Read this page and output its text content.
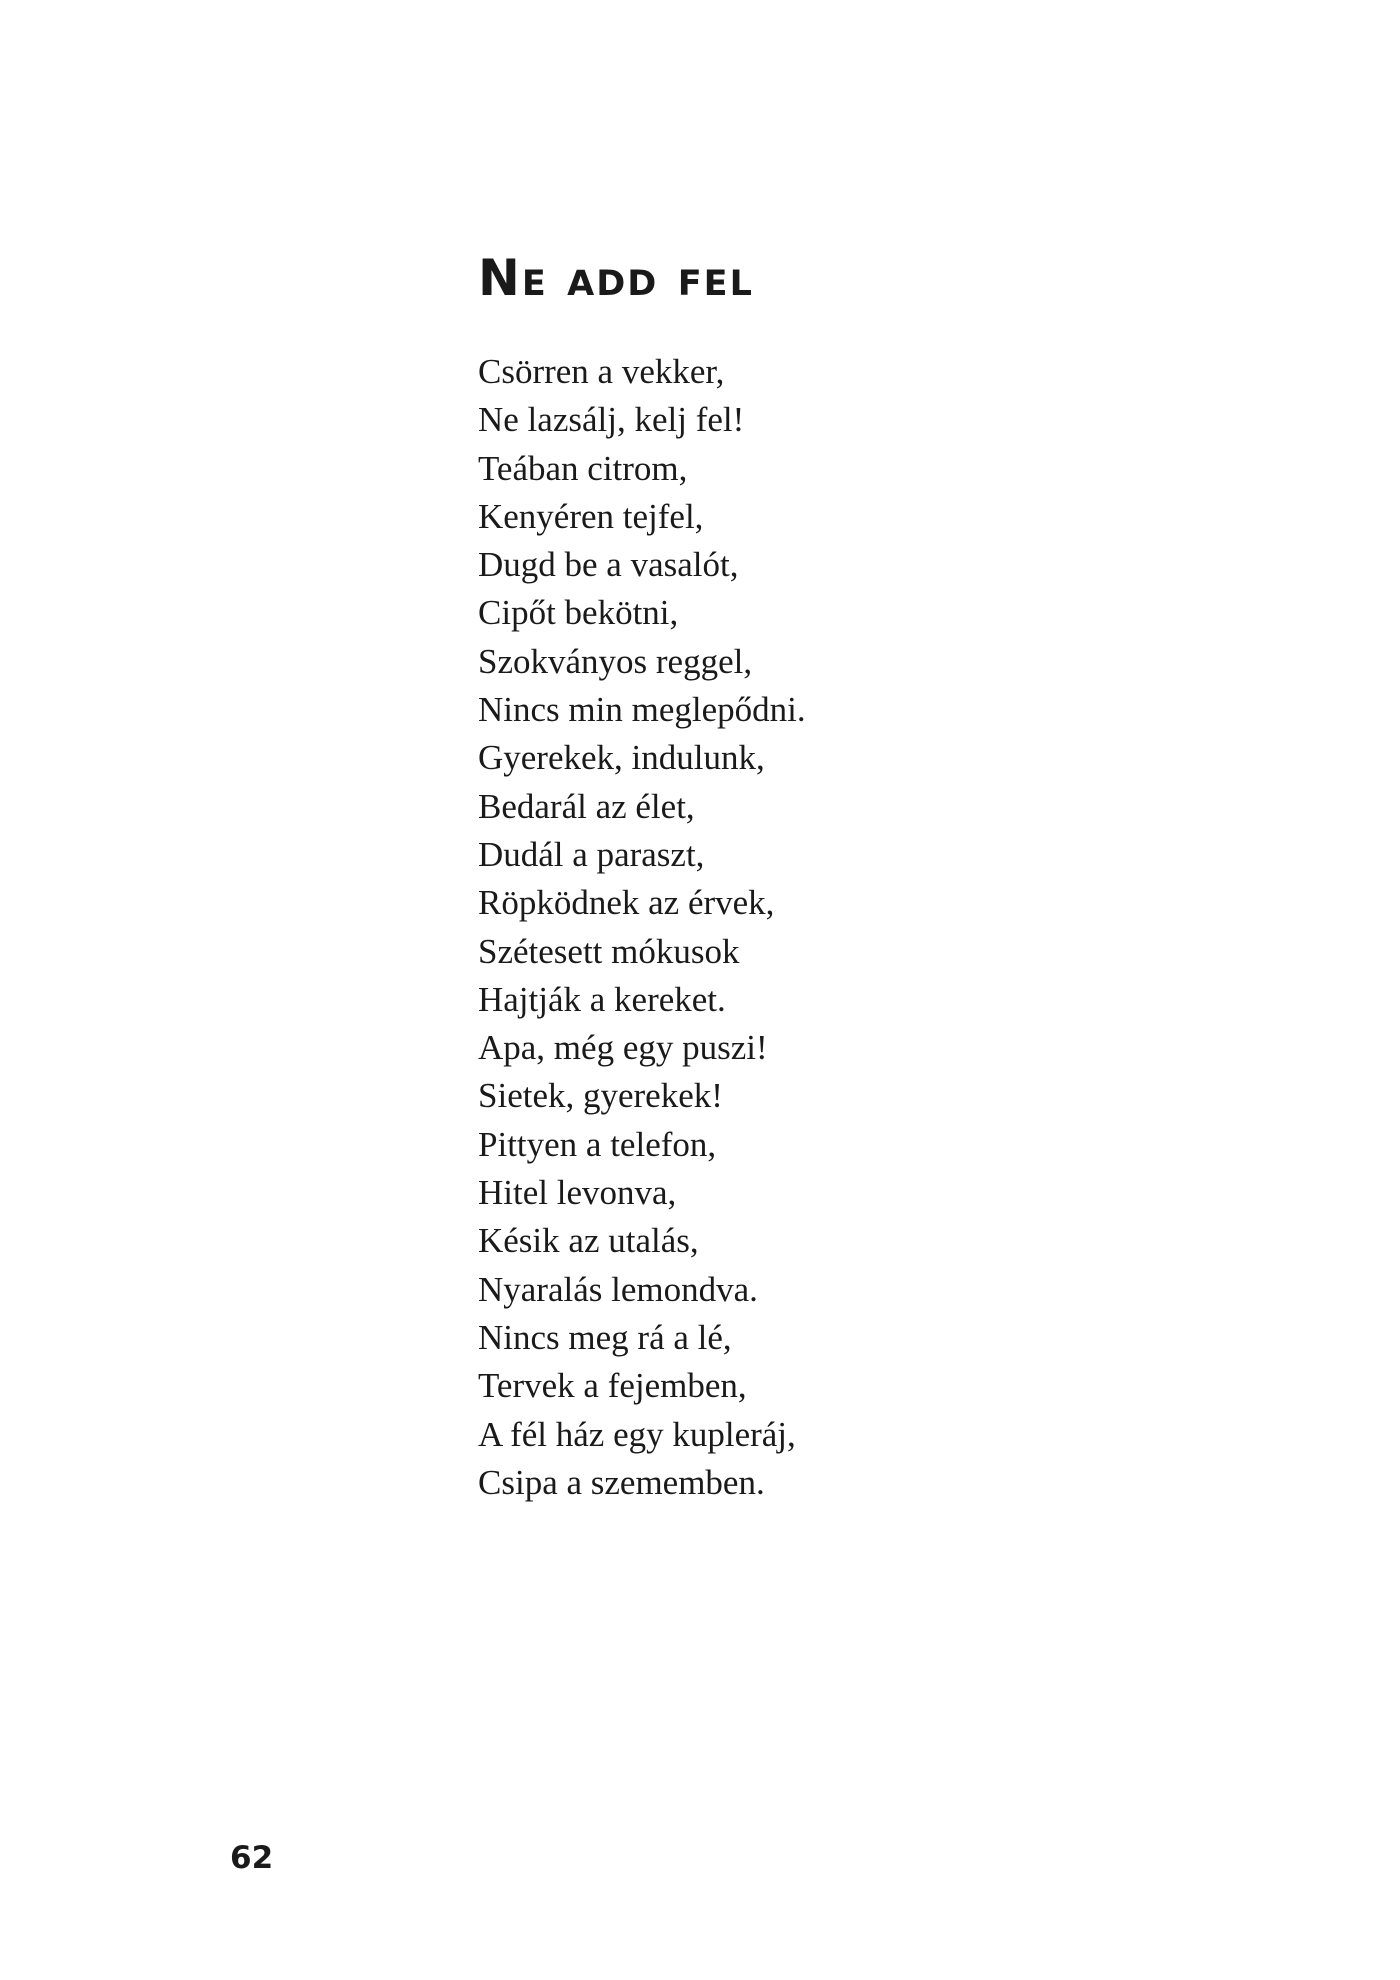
Ne add fel
Csörren a vekker,
Ne lazsálj, kelj fel!
Teában citrom,
Kenyéren tejfel,
Dugd be a vasalót,
Cipőt bekötni,
Szokványos reggel,
Nincs min meglepődni.
Gyerekek, indulunk,
Bedarál az élet,
Dudál a paraszt,
Röpködnek az érvek,
Szétesett mókusok
Hajtják a kereket.
Apa, még egy puszi!
Sietek, gyerekek!
Pittyen a telefon,
Hitel levonva,
Késik az utalás,
Nyaralás lemondva.
Nincs meg rá a lé,
Tervek a fejemben,
A fél ház egy kupleráj,
Csipa a szememben.
62
